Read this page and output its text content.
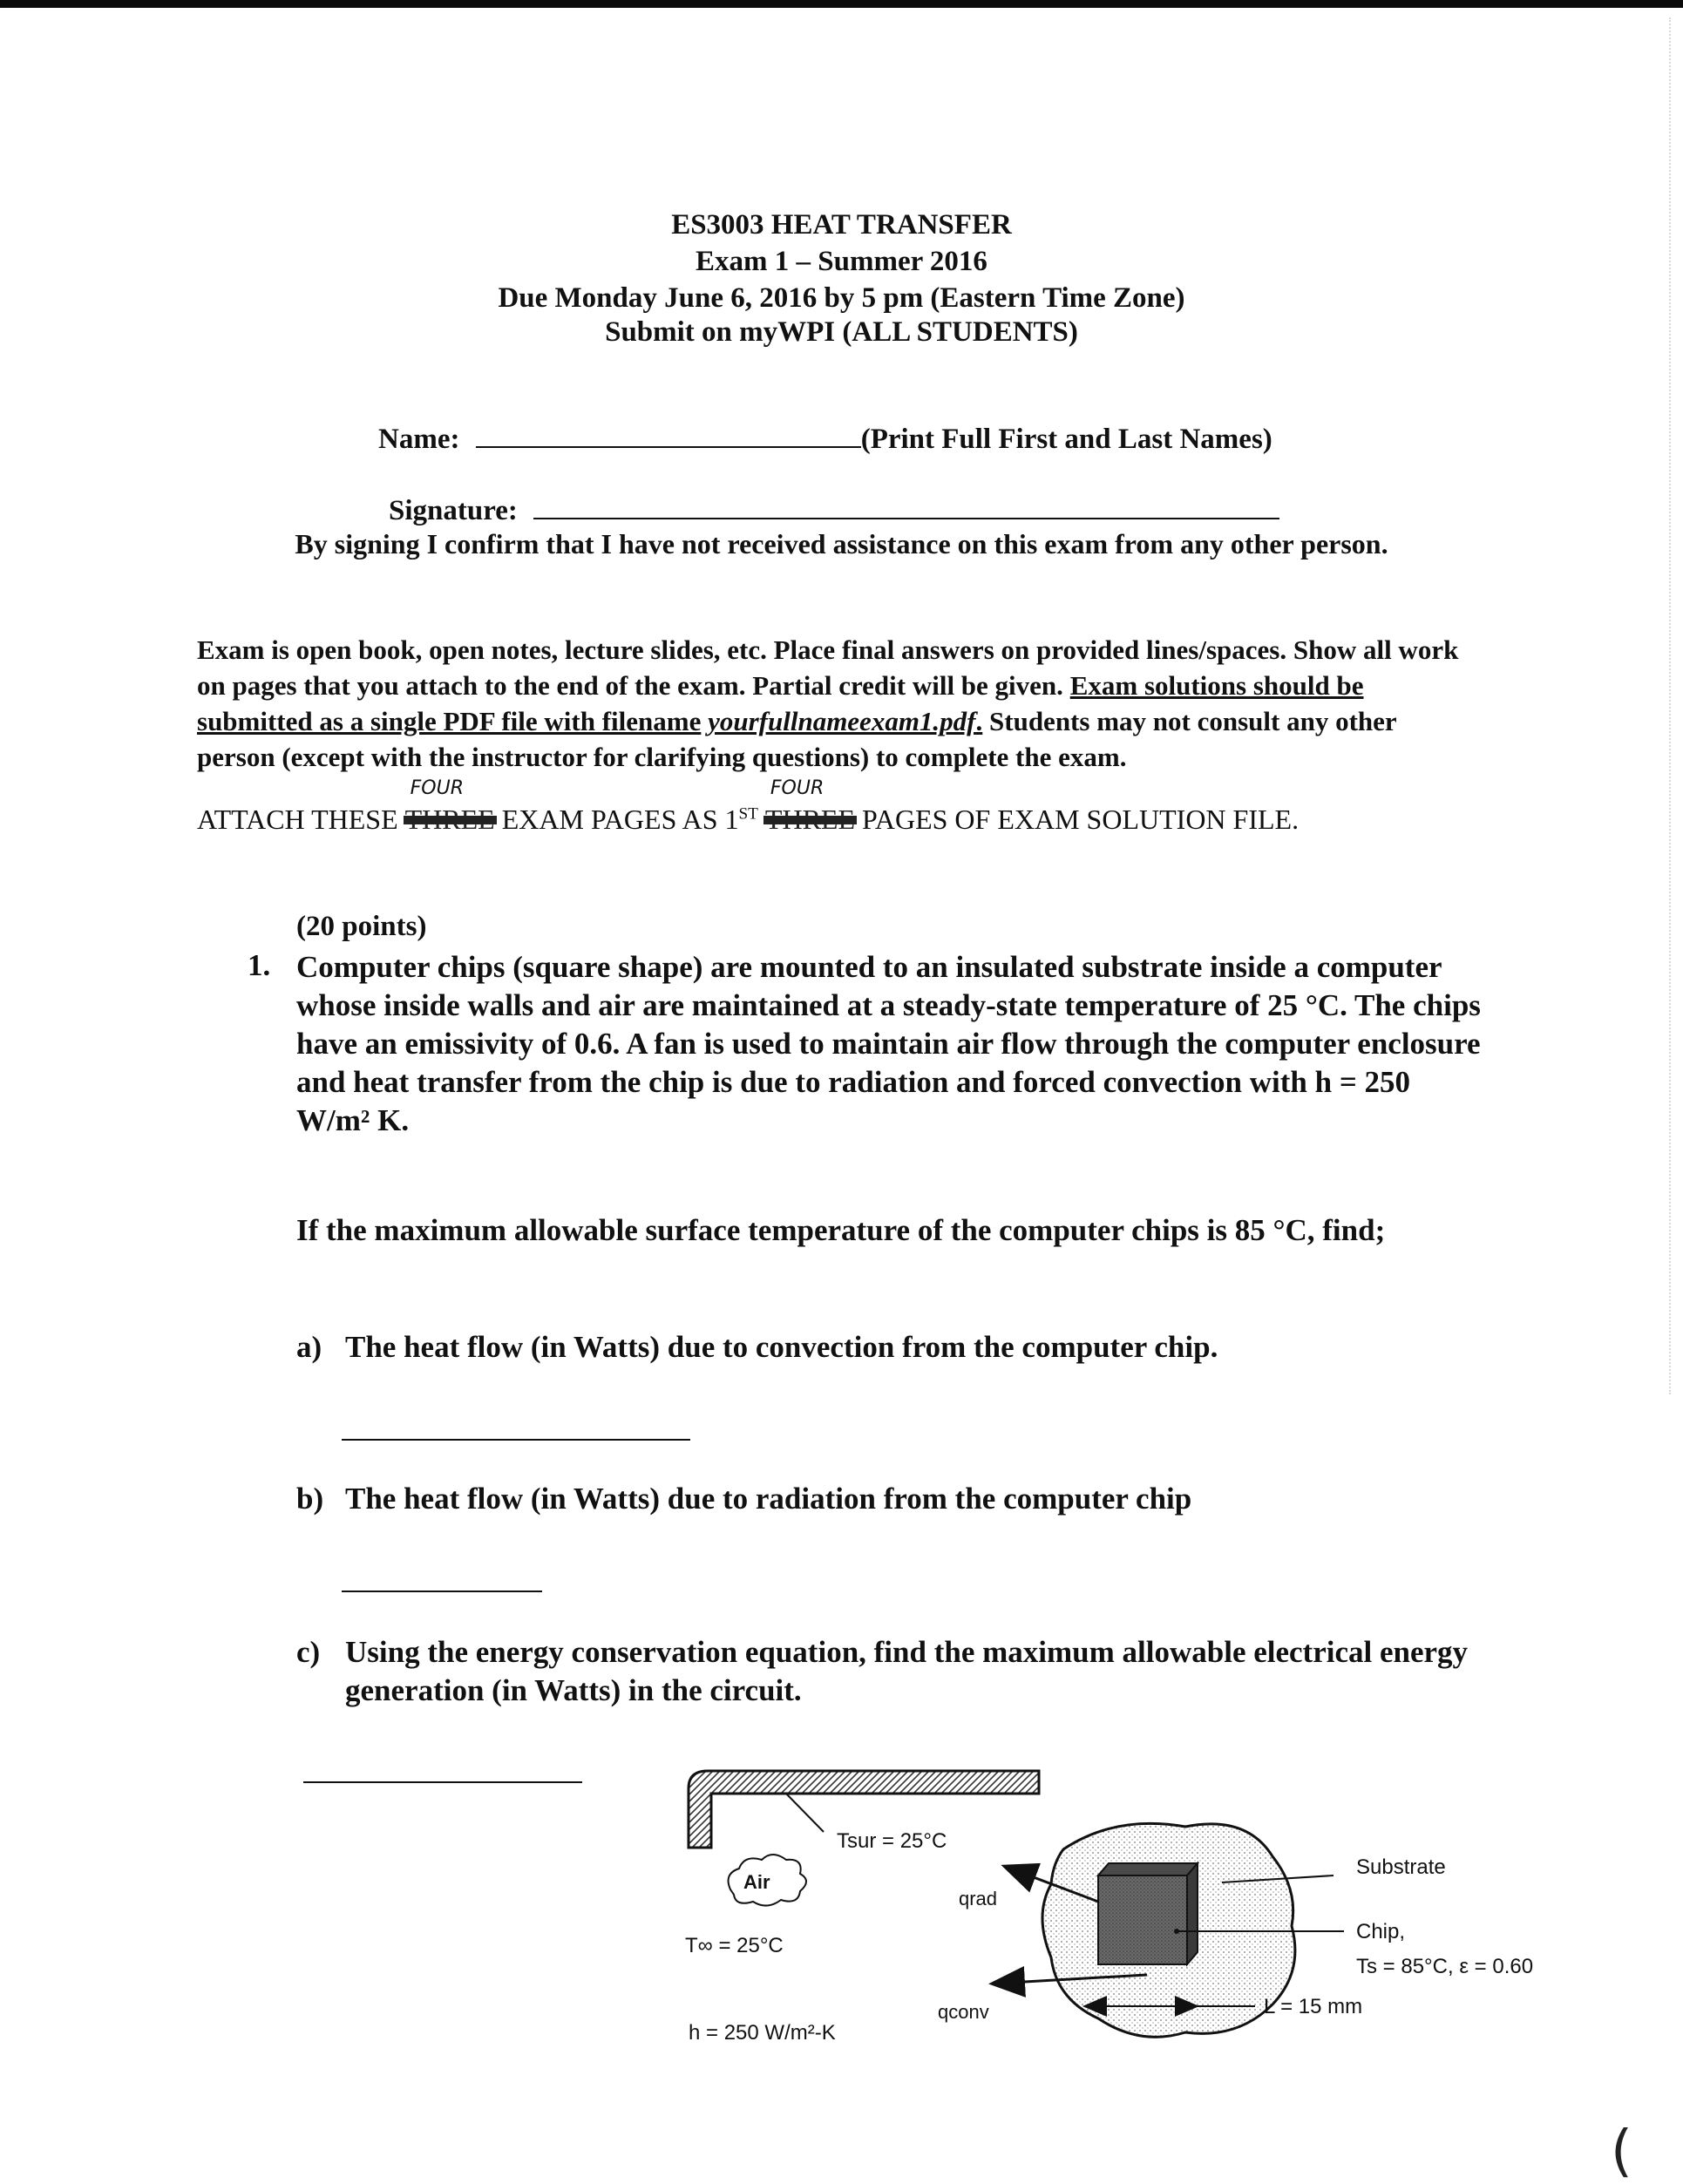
ES3003 HEAT TRANSFER
Exam 1 – Summer 2016
Due Monday June 6, 2016 by 5 pm (Eastern Time Zone)
Submit on myWPI (ALL STUDENTS)
Name:	(Print Full First and Last Names)
Signature:
By signing I confirm that I have not received assistance on this exam from any other person.
Exam is open book, open notes, lecture slides, etc. Place final answers on provided lines/spaces. Show all work on pages that you attach to the end of the exam. Partial credit will be given. Exam solutions should be submitted as a single PDF file with filename yourfullnameexam1.pdf. Students may not consult any other person (except with the instructor for clarifying questions) to complete the exam.
ATTACH THESE
FOUR
EXAM PAGES AS 1ST
FOUR
PAGES OF EXAM SOLUTION FILE.
(20 points)
1. Computer chips (square shape) are mounted to an insulated substrate inside a computer whose inside walls and air are maintained at a steady-state temperature of 25 °C. The chips have an emissivity of 0.6. A fan is used to maintain air flow through the computer enclosure and heat transfer from the chip is due to radiation and forced convection with h = 250 W/m² K.
If the maximum allowable surface temperature of the computer chips is 85 °C, find;
a) The heat flow (in Watts) due to convection from the computer chip.
b) The heat flow (in Watts) due to radiation from the computer chip
c) Using the energy conservation equation, find the maximum allowable electrical energy generation (in Watts) in the circuit.
Tsur = 25°C
Air
T∞ = 25°C
h = 250 W/m²-K
qrad
qconv	L = 15 mm
Substrate
Chip,
Ts = 85°C, ε = 0.60
(
